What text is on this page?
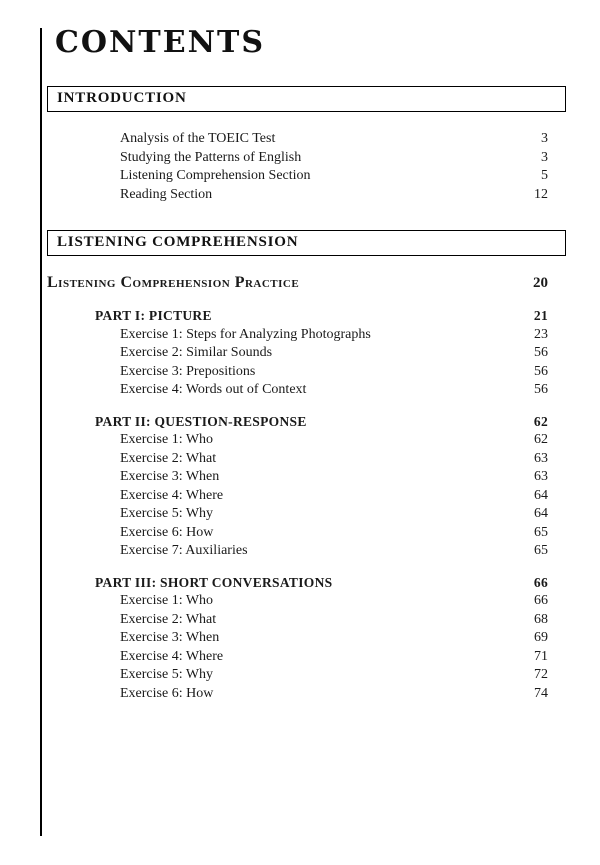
CONTENTS
INTRODUCTION
Analysis of the TOEIC Test	3
Studying the Patterns of English	3
Listening Comprehension Section	5
Reading Section	12
LISTENING COMPREHENSION
Listening Comprehension Practice	20
PART I: PICTURE	21
Exercise 1: Steps for Analyzing Photographs	23
Exercise 2: Similar Sounds	56
Exercise 3: Prepositions	56
Exercise 4: Words out of Context	56
PART II: QUESTION-RESPONSE	62
Exercise 1: Who	62
Exercise 2: What	63
Exercise 3: When	63
Exercise 4: Where	64
Exercise 5: Why	64
Exercise 6: How	65
Exercise 7: Auxiliaries	65
PART III: SHORT CONVERSATIONS	66
Exercise 1: Who	66
Exercise 2: What	68
Exercise 3: When	69
Exercise 4: Where	71
Exercise 5: Why	72
Exercise 6: How	74
